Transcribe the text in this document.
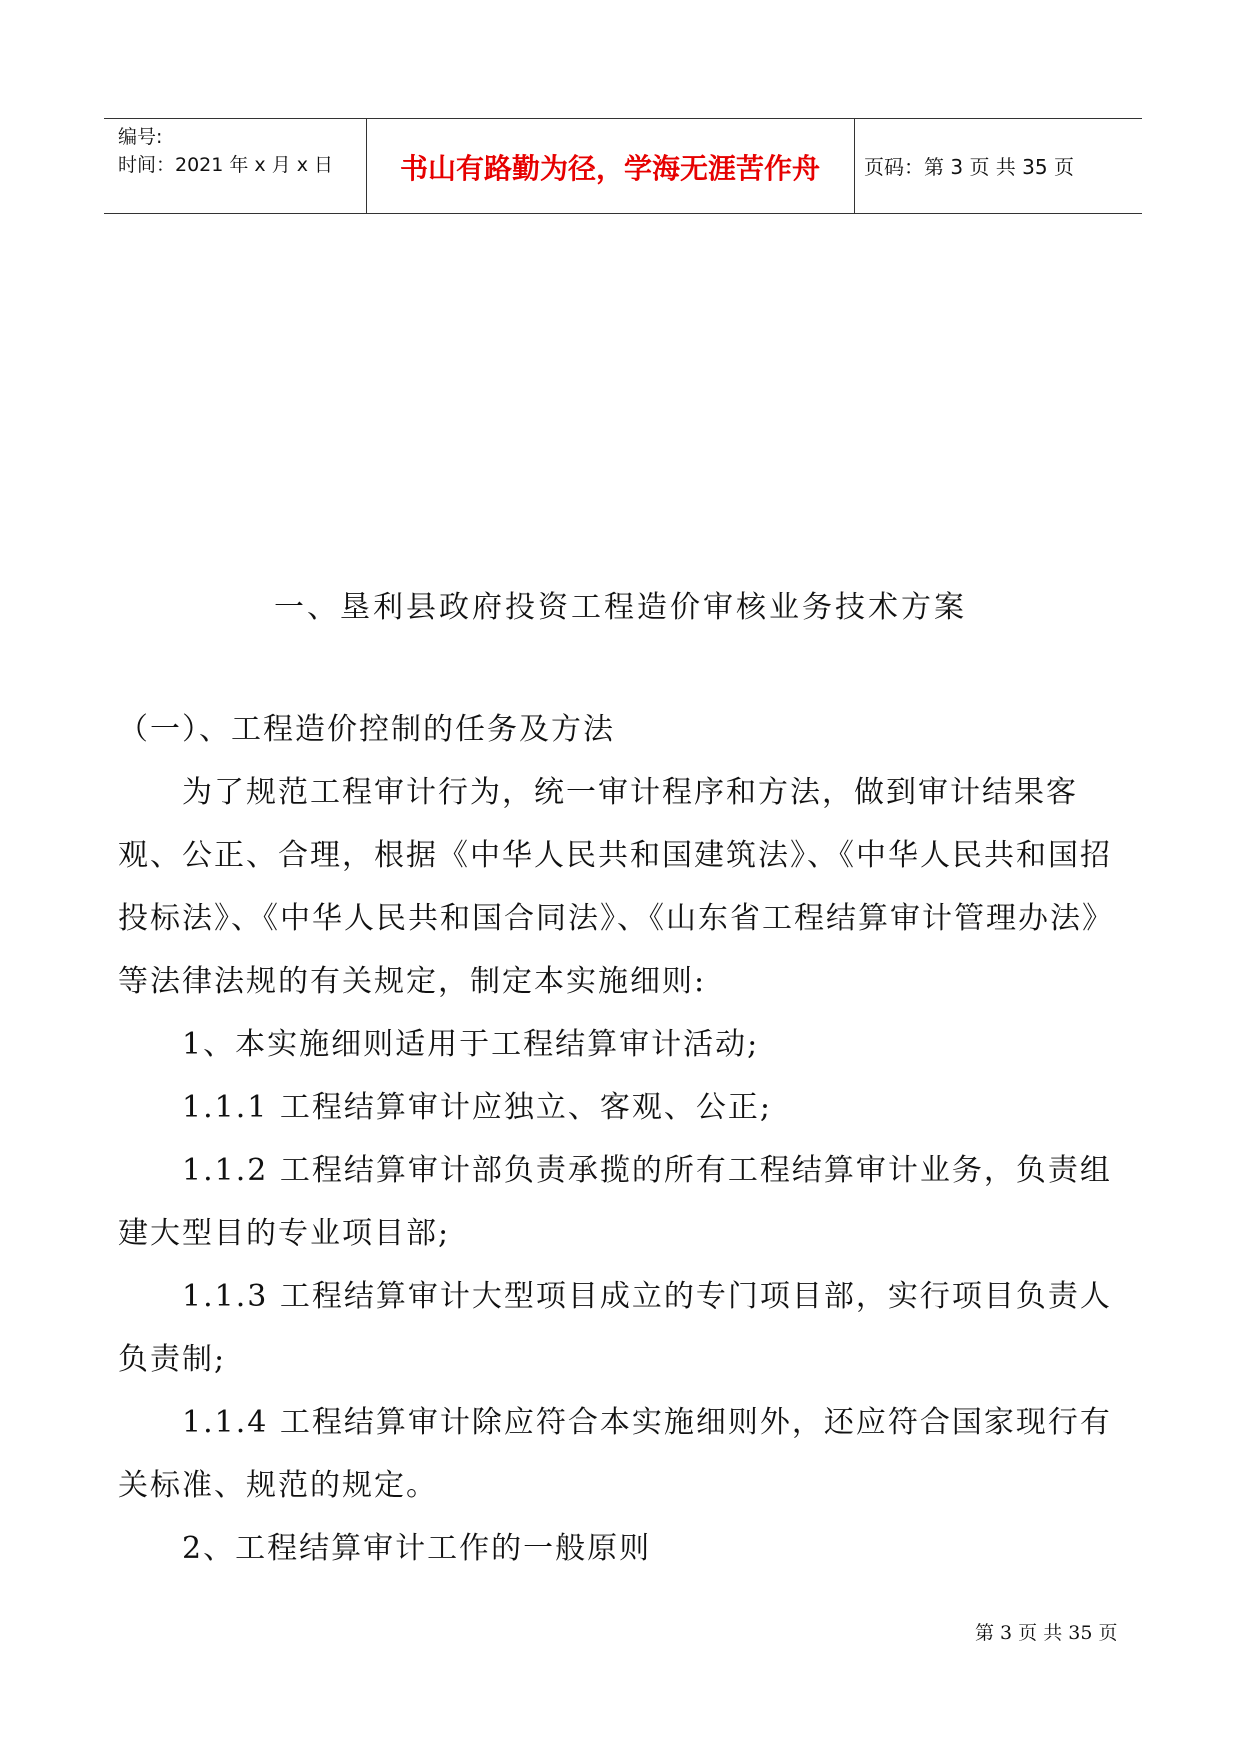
编号:
时间：2021 年 x 月 x 日	书山有路勤为径，学海无涯苦作舟	页码：第 3 页 共 35 页
一、垦利县政府投资工程造价审核业务技术方案

（一）、工程造价控制的任务及方法

为了规范工程审计行为，统一审计程序和方法，做到审计结果客观、公正、合理，根据《中华人民共和国建筑法》、《中华人民共和国招投标法》、《中华人民共和国合同法》、《山东省工程结算审计管理办法》等法律法规的有关规定，制定本实施细则:

1、本实施细则适用于工程结算审计活动;

1.1.1 工程结算审计应独立、客观、公正;

1.1.2 工程结算审计部负责承揽的所有工程结算审计业务，负责组建大型目的专业项目部;

1.1.3 工程结算审计大型项目成立的专门项目部，实行项目负责人负责制;

1.1.4 工程结算审计除应符合本实施细则外，还应符合国家现行有关标准、规范的规定。

2、工程结算审计工作的一般原则

第 3 页 共 35 页
